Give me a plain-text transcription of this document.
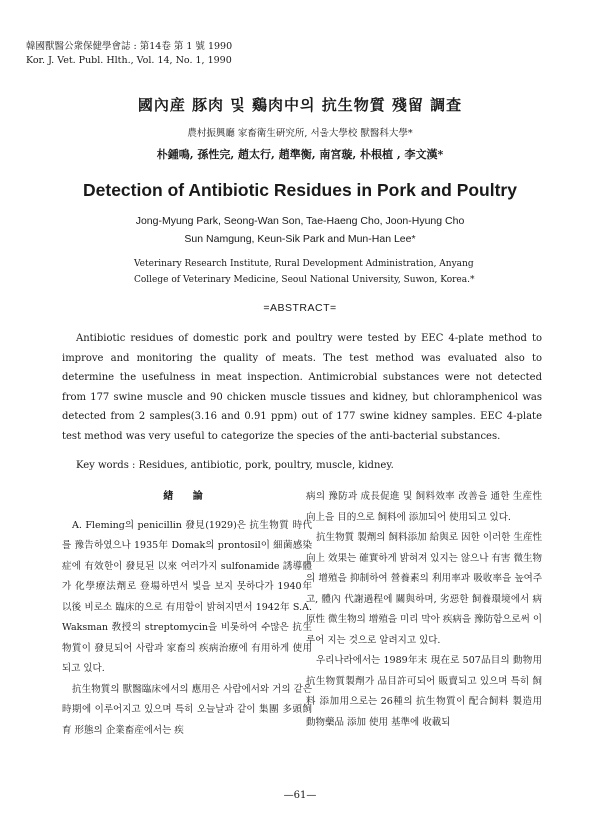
韓國獸醫公衆保健學會誌 : 第14卷 第 1 號 1990
Kor. J. Vet. Publ. Hlth., Vol. 14, No. 1, 1990
國內産 豚肉 및 鷄肉中의 抗生物質 殘留 調査
農村振興廳 家畜衛生硏究所, 서울大學校 獸醫科大學*
朴鍾鳴, 孫性完, 趙太行, 趙準衡, 南宮璇, 朴根植 , 李文漢*
Detection of Antibiotic Residues in Pork and Poultry
Jong-Myung Park, Seong-Wan Son, Tae-Haeng Cho, Joon-Hyung Cho
Sun Namgung, Keun-Sik Park and Mun-Han Lee*
Veterinary Research Institute, Rural Development Administration, Anyang
College of Veterinary Medicine, Seoul National University, Suwon, Korea.*
=ABSTRACT=

Antibiotic residues of domestic pork and poultry were tested by EEC 4-plate method to improve and monitoring the quality of meats. The test method was evaluated also to determine the usefulness in meat inspection. Antimicrobial substances were not detected from 177 swine muscle and 90 chicken muscle tissues and kidney, but chloramphenicol was detected from 2 samples(3.16 and 0.91 ppm) out of 177 swine kidney samples. EEC 4-plate test method was very useful to categorize the species of the anti-bacterial substances.

Key words : Residues, antibiotic, pork, poultry, muscle, kidney.
緖 論

A. Fleming의 penicillin 發見(1929)은 抗生物質 時代를 豫告하였으나 1935年 Domak의 prontosil이 細菌感染症에 有效한이 發見된 以來 여러가지 sulfonamide 誘導體가 化學療法劑로 登場하면서 빛을 보지 못하다가 1940年 以後 비로소 臨床的으로 有用함이 밝혀지면서 1942年 S.A. Waksman 敎授의 streptomycin을 비롯하여 수많은 抗生物質이 發見되어 사람과 家畜의 疾病治療에 有用하게 使用되고 있다.

抗生物質의 獸醫臨床에서의 應用은 사람에서와 거의 같은 時期에 이루어지고 있으며 특히 오늘날과 같이 集團 多頭飼育 形態의 企業畜産에서는 疾

病의 豫防과 成長促進 및 飼料效率 改善을 通한 生産性 向上을 目的으로 飼料에 添加되어 使用되고 있다.

抗生物質 製劑의 飼料添加 給與로 因한 이러한 生産性 向上 效果는 確實하게 밝혀져 있지는 않으나 有害 微生物의 增殖을 抑制하여 營養素의 利用率과 吸收率을 높여주고, 體內 代謝過程에 關與하며, 劣惡한 飼養環境에서 病原性 微生物의 增殖을 미리 막아 疾病을 豫防함으로써 이루어 지는 것으로 알려지고 있다.

우리나라에서는 1989年末 現在로 507品目의 動物用 抗生物質製劑가 品目許可되어 販賣되고 있으며 특히 飼料 添加用으로는 26種의 抗生物質이 配合飼料 製造用 動物藥品 添加 使用 基準에 收載되

—61—
